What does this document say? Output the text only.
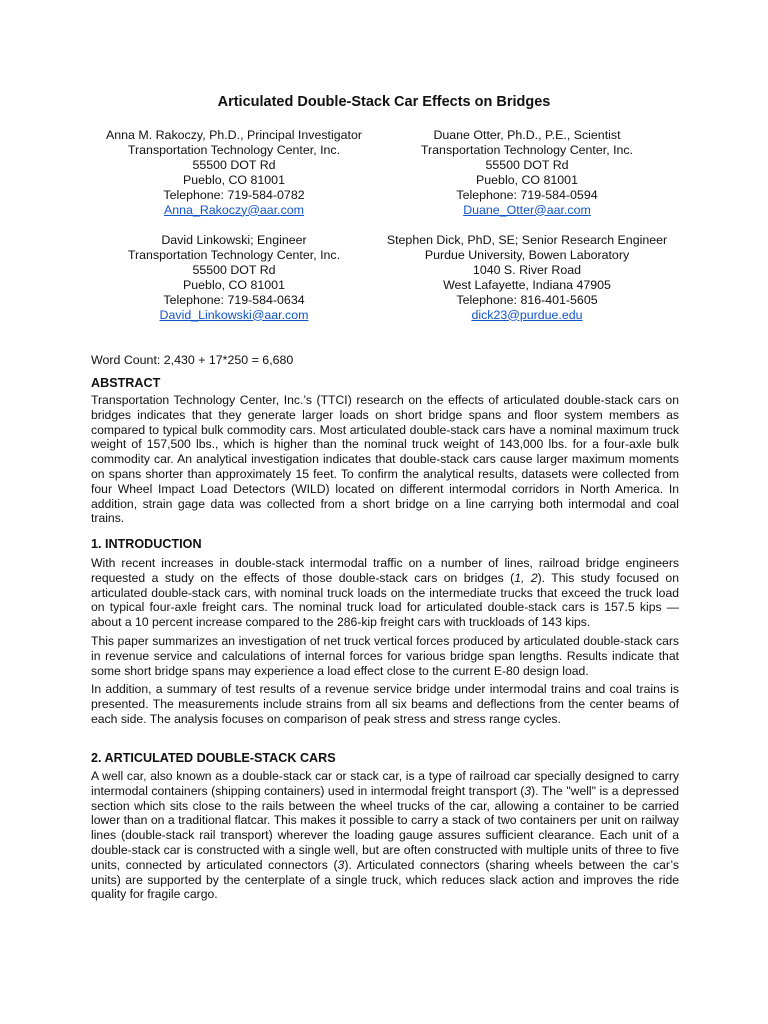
Articulated Double-Stack Car Effects on Bridges
Anna M. Rakoczy, Ph.D., Principal Investigator
Transportation Technology Center, Inc.
55500 DOT Rd
Pueblo, CO 81001
Telephone: 719-584-0782
Anna_Rakoczy@aar.com
Duane Otter, Ph.D., P.E., Scientist
Transportation Technology Center, Inc.
55500 DOT Rd
Pueblo, CO 81001
Telephone: 719-584-0594
Duane_Otter@aar.com
David Linkowski; Engineer
Transportation Technology Center, Inc.
55500 DOT Rd
Pueblo, CO 81001
Telephone: 719-584-0634
David_Linkowski@aar.com
Stephen Dick, PhD, SE; Senior Research Engineer
Purdue University, Bowen Laboratory
1040 S. River Road
West Lafayette, Indiana 47905
Telephone: 816-401-5605
dick23@purdue.edu
Word Count: 2,430 + 17*250 = 6,680
ABSTRACT

Transportation Technology Center, Inc.’s (TTCI) research on the effects of articulated double-stack cars on bridges indicates that they generate larger loads on short bridge spans and floor system members as compared to typical bulk commodity cars. Most articulated double-stack cars have a nominal maximum truck weight of 157,500 lbs., which is higher than the nominal truck weight of 143,000 lbs. for a four-axle bulk commodity car. An analytical investigation indicates that double-stack cars cause larger maximum moments on spans shorter than approximately 15 feet. To confirm the analytical results, datasets were collected from four Wheel Impact Load Detectors (WILD) located on different intermodal corridors in North America. In addition, strain gage data was collected from a short bridge on a line carrying both intermodal and coal trains.

1. INTRODUCTION

With recent increases in double-stack intermodal traffic on a number of lines, railroad bridge engineers requested a study on the effects of those double-stack cars on bridges (1, 2). This study focused on articulated double-stack cars, with nominal truck loads on the intermediate trucks that exceed the truck load on typical four-axle freight cars. The nominal truck load for articulated double-stack cars is 157.5 kips — about a 10 percent increase compared to the 286-kip freight cars with truckloads of 143 kips.

This paper summarizes an investigation of net truck vertical forces produced by articulated double-stack cars in revenue service and calculations of internal forces for various bridge span lengths. Results indicate that some short bridge spans may experience a load effect close to the current E-80 design load.

In addition, a summary of test results of a revenue service bridge under intermodal trains and coal trains is presented. The measurements include strains from all six beams and deflections from the center beams of each side. The analysis focuses on comparison of peak stress and stress range cycles.

2. ARTICULATED DOUBLE-STACK CARS

A well car, also known as a double-stack car or stack car, is a type of railroad car specially designed to carry intermodal containers (shipping containers) used in intermodal freight transport (3). The "well" is a depressed section which sits close to the rails between the wheel trucks of the car, allowing a container to be carried lower than on a traditional flatcar. This makes it possible to carry a stack of two containers per unit on railway lines (double-stack rail transport) wherever the loading gauge assures sufficient clearance. Each unit of a double-stack car is constructed with a single well, but are often constructed with multiple units of three to five units, connected by articulated connectors (3). Articulated connectors (sharing wheels between the car’s units) are supported by the centerplate of a single truck, which reduces slack action and improves the ride quality for fragile cargo.
